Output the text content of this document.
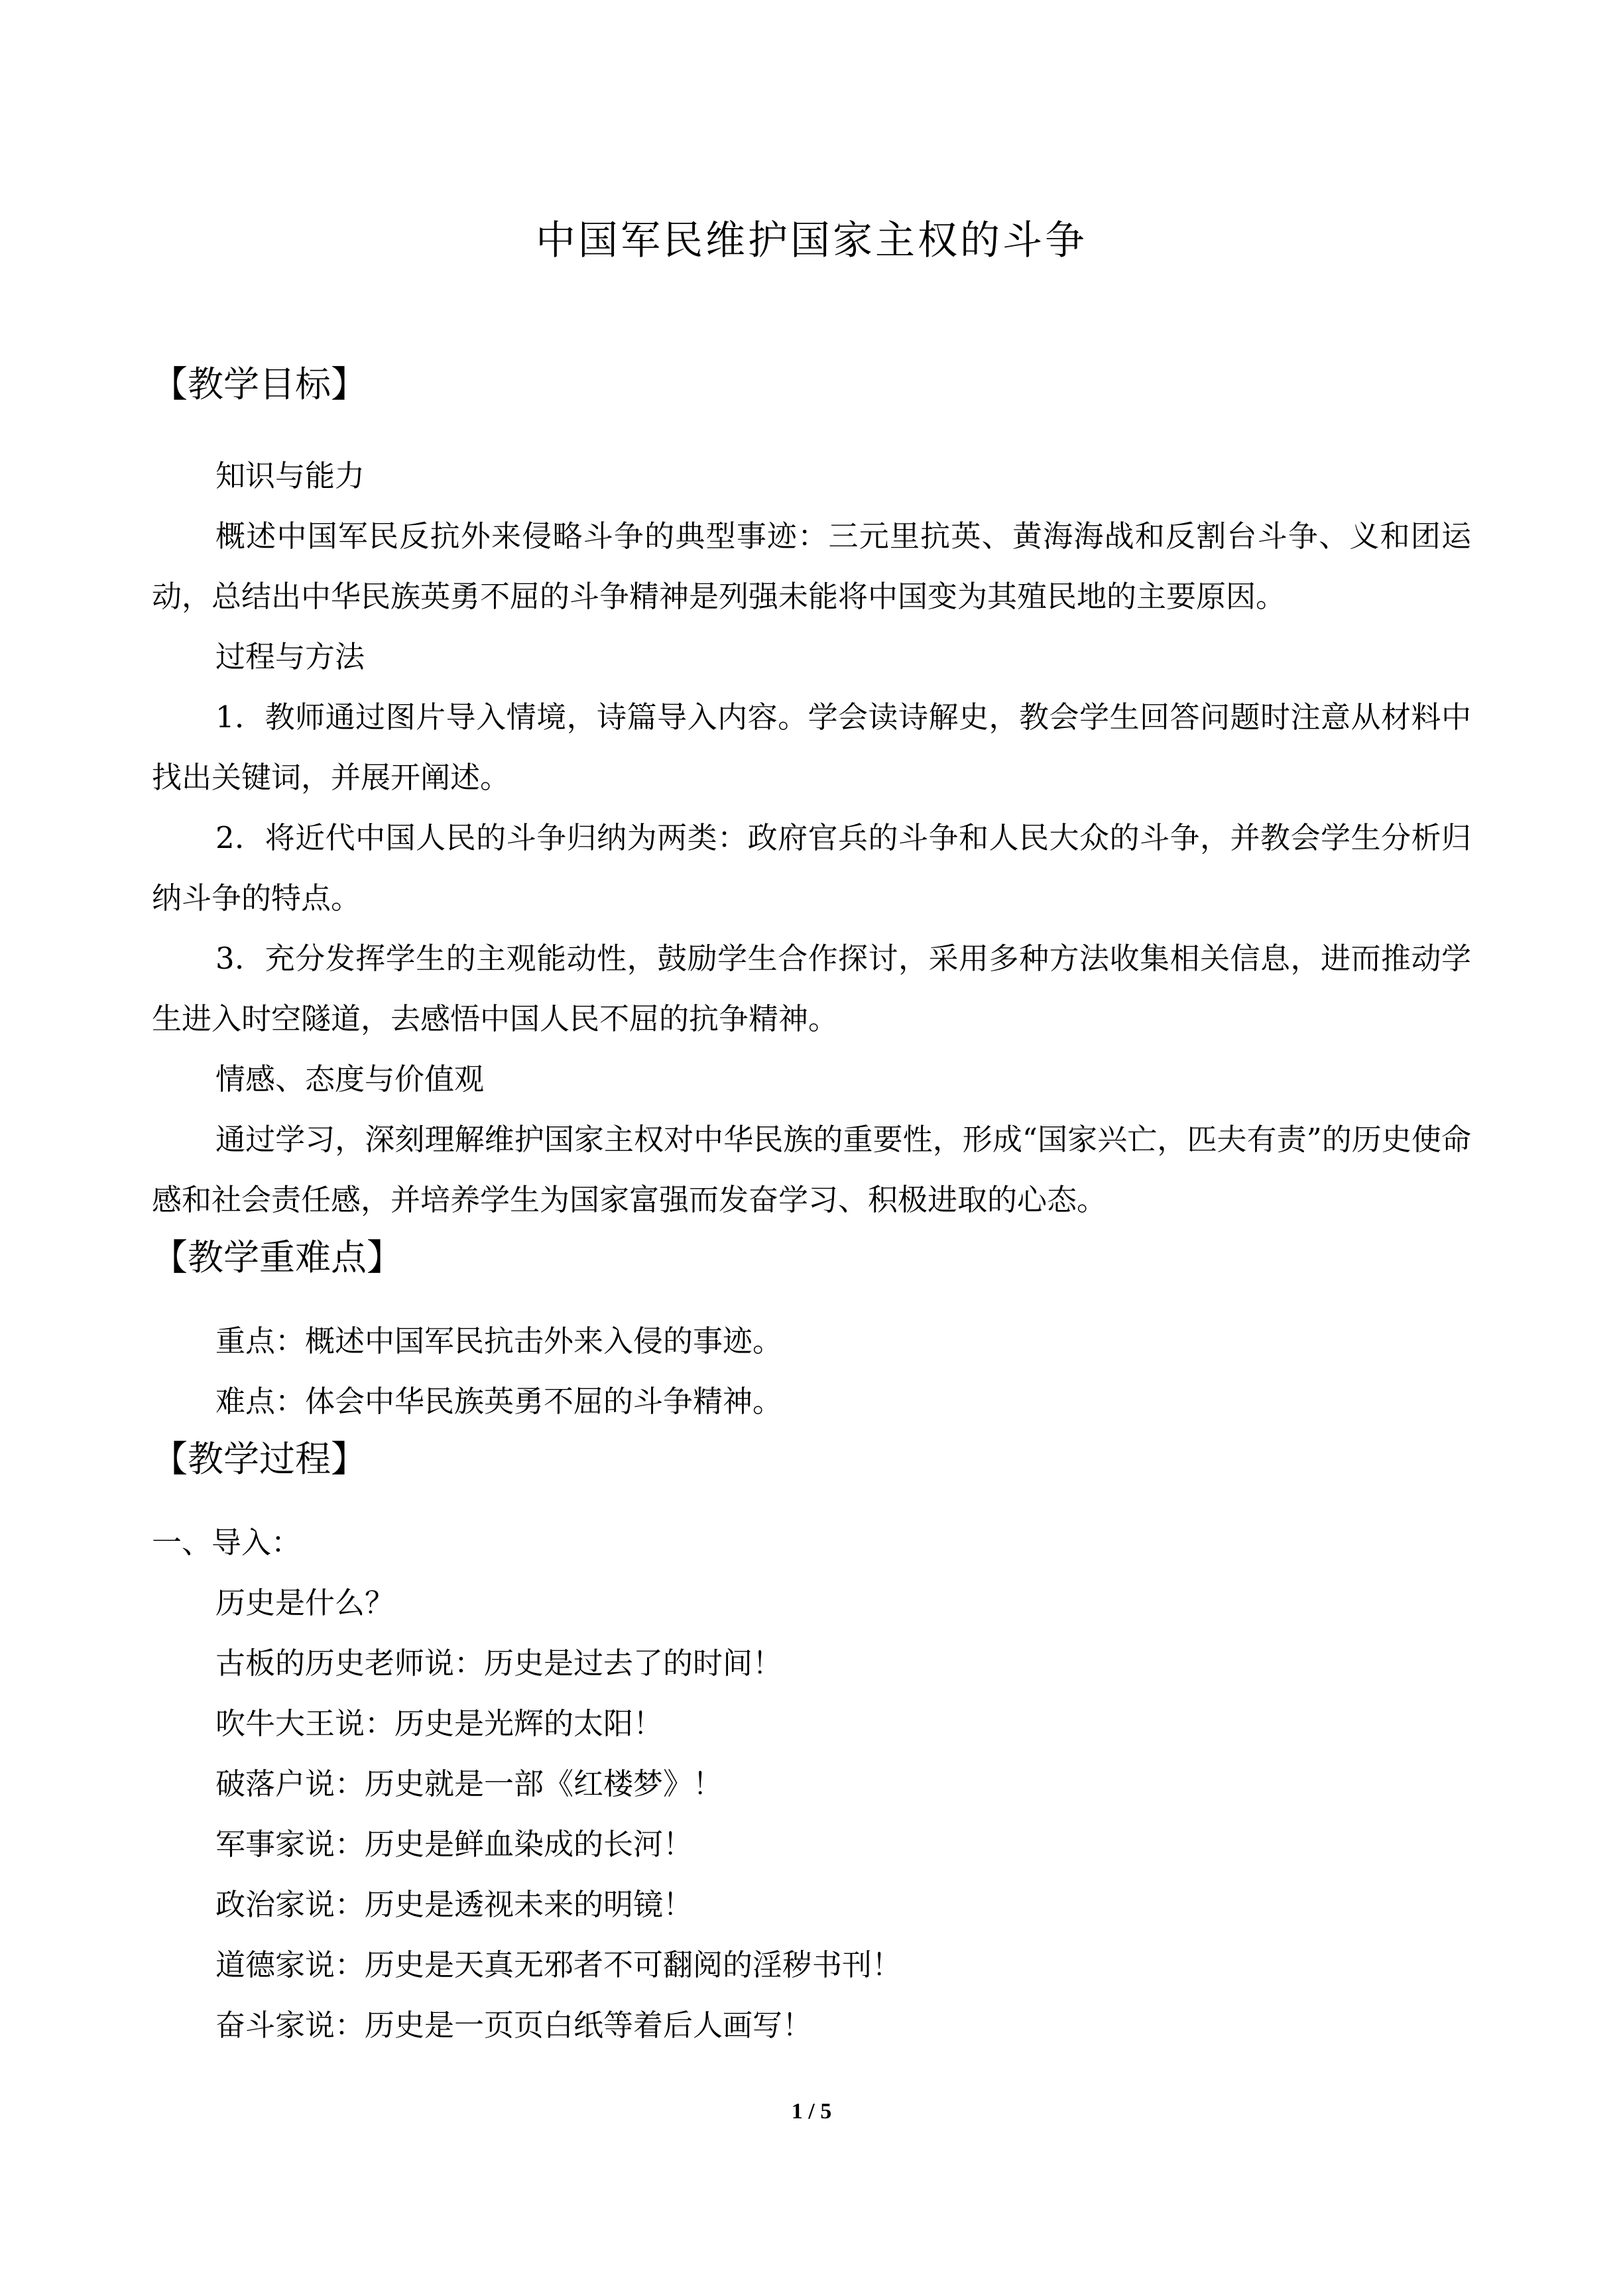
中国军民维护国家主权的斗争
【教学目标】

知识与能力

概述中国军民反抗外来侵略斗争的典型事迹：三元里抗英、黄海海战和反割台斗争、义和团运动，总结出中华民族英勇不屈的斗争精神是列强未能将中国变为其殖民地的主要原因。

过程与方法

1．教师通过图片导入情境，诗篇导入内容。学会读诗解史，教会学生回答问题时注意从材料中找出关键词，并展开阐述。

2．将近代中国人民的斗争归纳为两类：政府官兵的斗争和人民大众的斗争，并教会学生分析归纳斗争的特点。

3．充分发挥学生的主观能动性，鼓励学生合作探讨，采用多种方法收集相关信息，进而推动学生进入时空隧道，去感悟中国人民不屈的抗争精神。

情感、态度与价值观

通过学习，深刻理解维护国家主权对中华民族的重要性，形成“国家兴亡，匹夫有责”的历史使命感和社会责任感，并培养学生为国家富强而发奋学习、积极进取的心态。

【教学重难点】

重点：概述中国军民抗击外来入侵的事迹。

难点：体会中华民族英勇不屈的斗争精神。

【教学过程】

一、导入：

历史是什么？

古板的历史老师说：历史是过去了的时间！

吹牛大王说：历史是光辉的太阳！

破落户说：历史就是一部《红楼梦》！

军事家说：历史是鲜血染成的长河！

政治家说：历史是透视未来的明镜！

道德家说：历史是天真无邪者不可翻阅的淫秽书刊！

奋斗家说：历史是一页页白纸等着后人画写！

1 / 5
